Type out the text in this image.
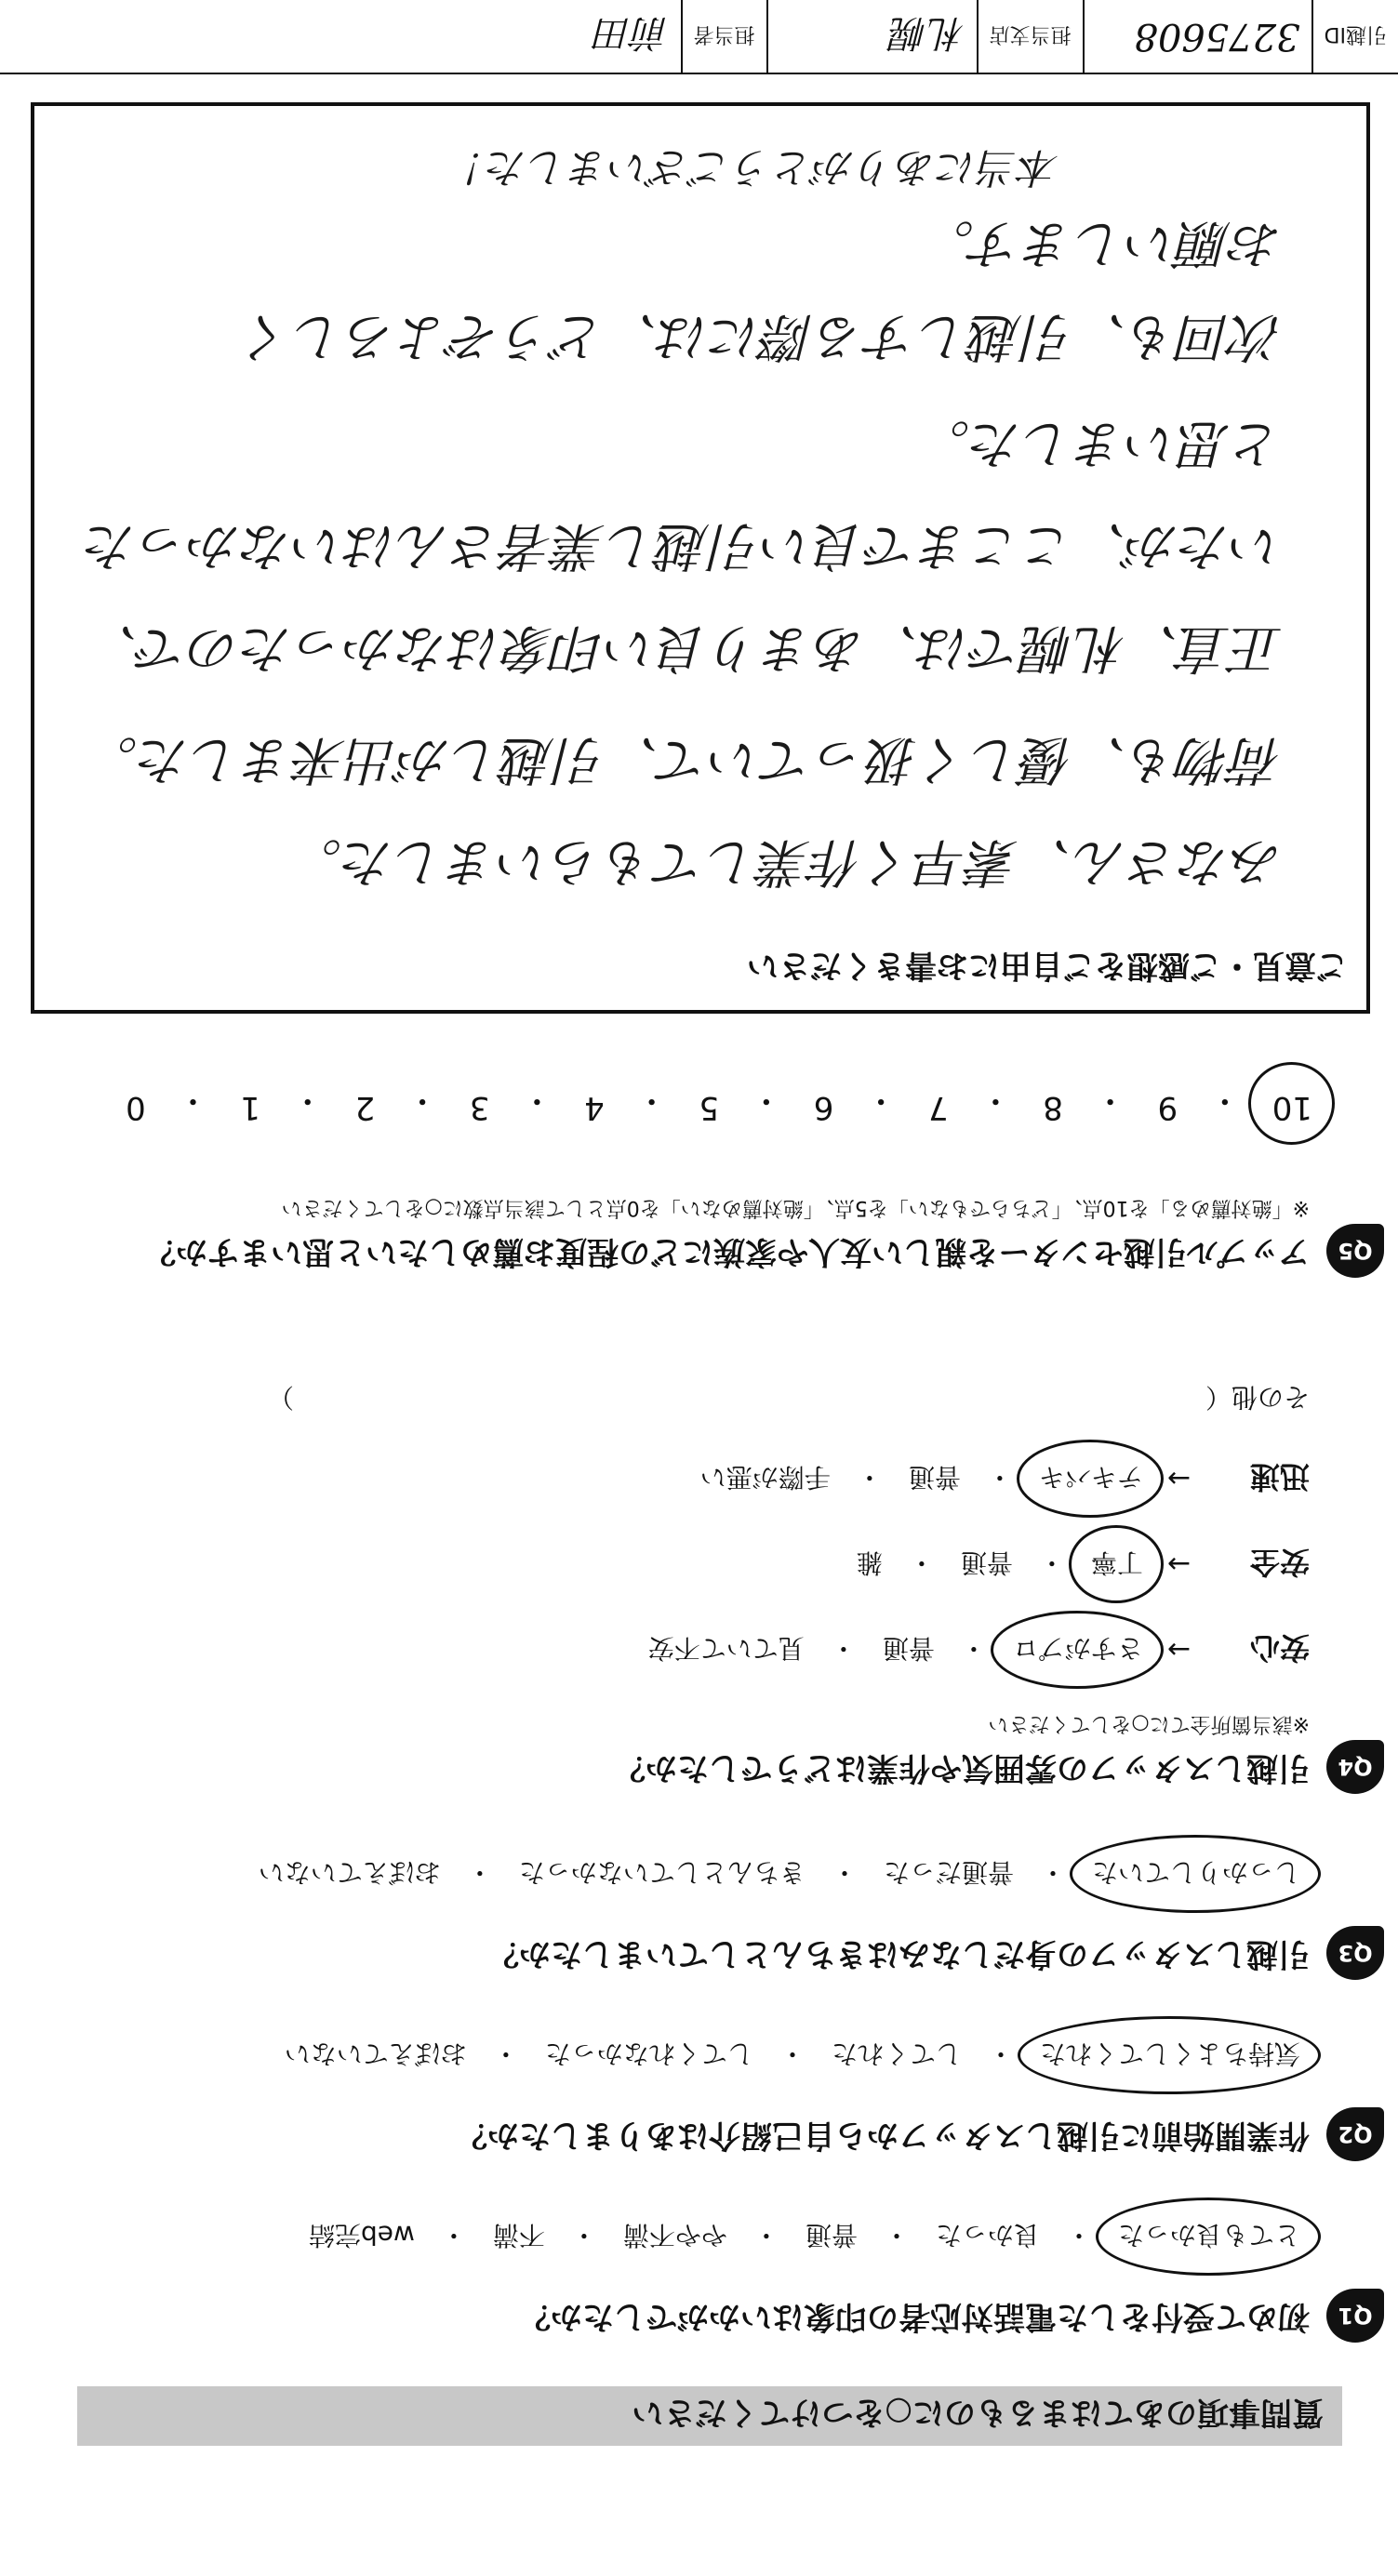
質問事項のあてはまるものに○をつけてください
Q1
初めて受付をした電話対応者の印象はいかがでしたか？
とても良かった
・
良かった
・
普通
・
やや不満
・
不満
・
web完結
Q2
作業開始前に引越しスタッフから自己紹介はありましたか？
気持ちよくしてくれた
・
してくれた
・
してくれなかった
・
おぼえていない
Q3
引越しスタッフの身だしなみはきちんとしていましたか？
しっかりしていた
・
普通だった
・
きちんとしていなかった
・
おぼえていない
Q4
引越しスタッフの雰囲気や作業はどうでしたか？
※該当箇所全てに○をしてください
安心
→
さすがプロ
・
普通
・
見ていて不安
安全
→
丁寧
・
普通
・
雑
迅速
→
テキパキ
・
普通
・
手際が悪い
その他（　　　　　　　　　　　　　　　　　　　　　　　　　　　　　　　　　　　）
Q5
アップル引越センターを親しい友人や家族にどの程度お薦めしたいと思いますか？
※「絶対薦める」を10点、「どちらでもない」を5点、「絶対薦めない」を0点として該当点数に○をしてください
10
・
9
・
8
・
7
・
6
・
5
・
4
・
3
・
2
・
1
・
0
ご意見・ご感想をご自由にお書きください
みなさん、素早く作業してもらいました。
荷物も、優しく扱っていて、引越しが出来ました。
正直、札幌では、あまり良い印象はなかったので、
いたが、ここまで良い引越し業者さんはいなかった
と思いました。
次回も、引越しする際には、どうぞよろしく
お願いします。
本当にありがとうございました！
引越ID
3275608
担当支店
札幌
担当者
前田
